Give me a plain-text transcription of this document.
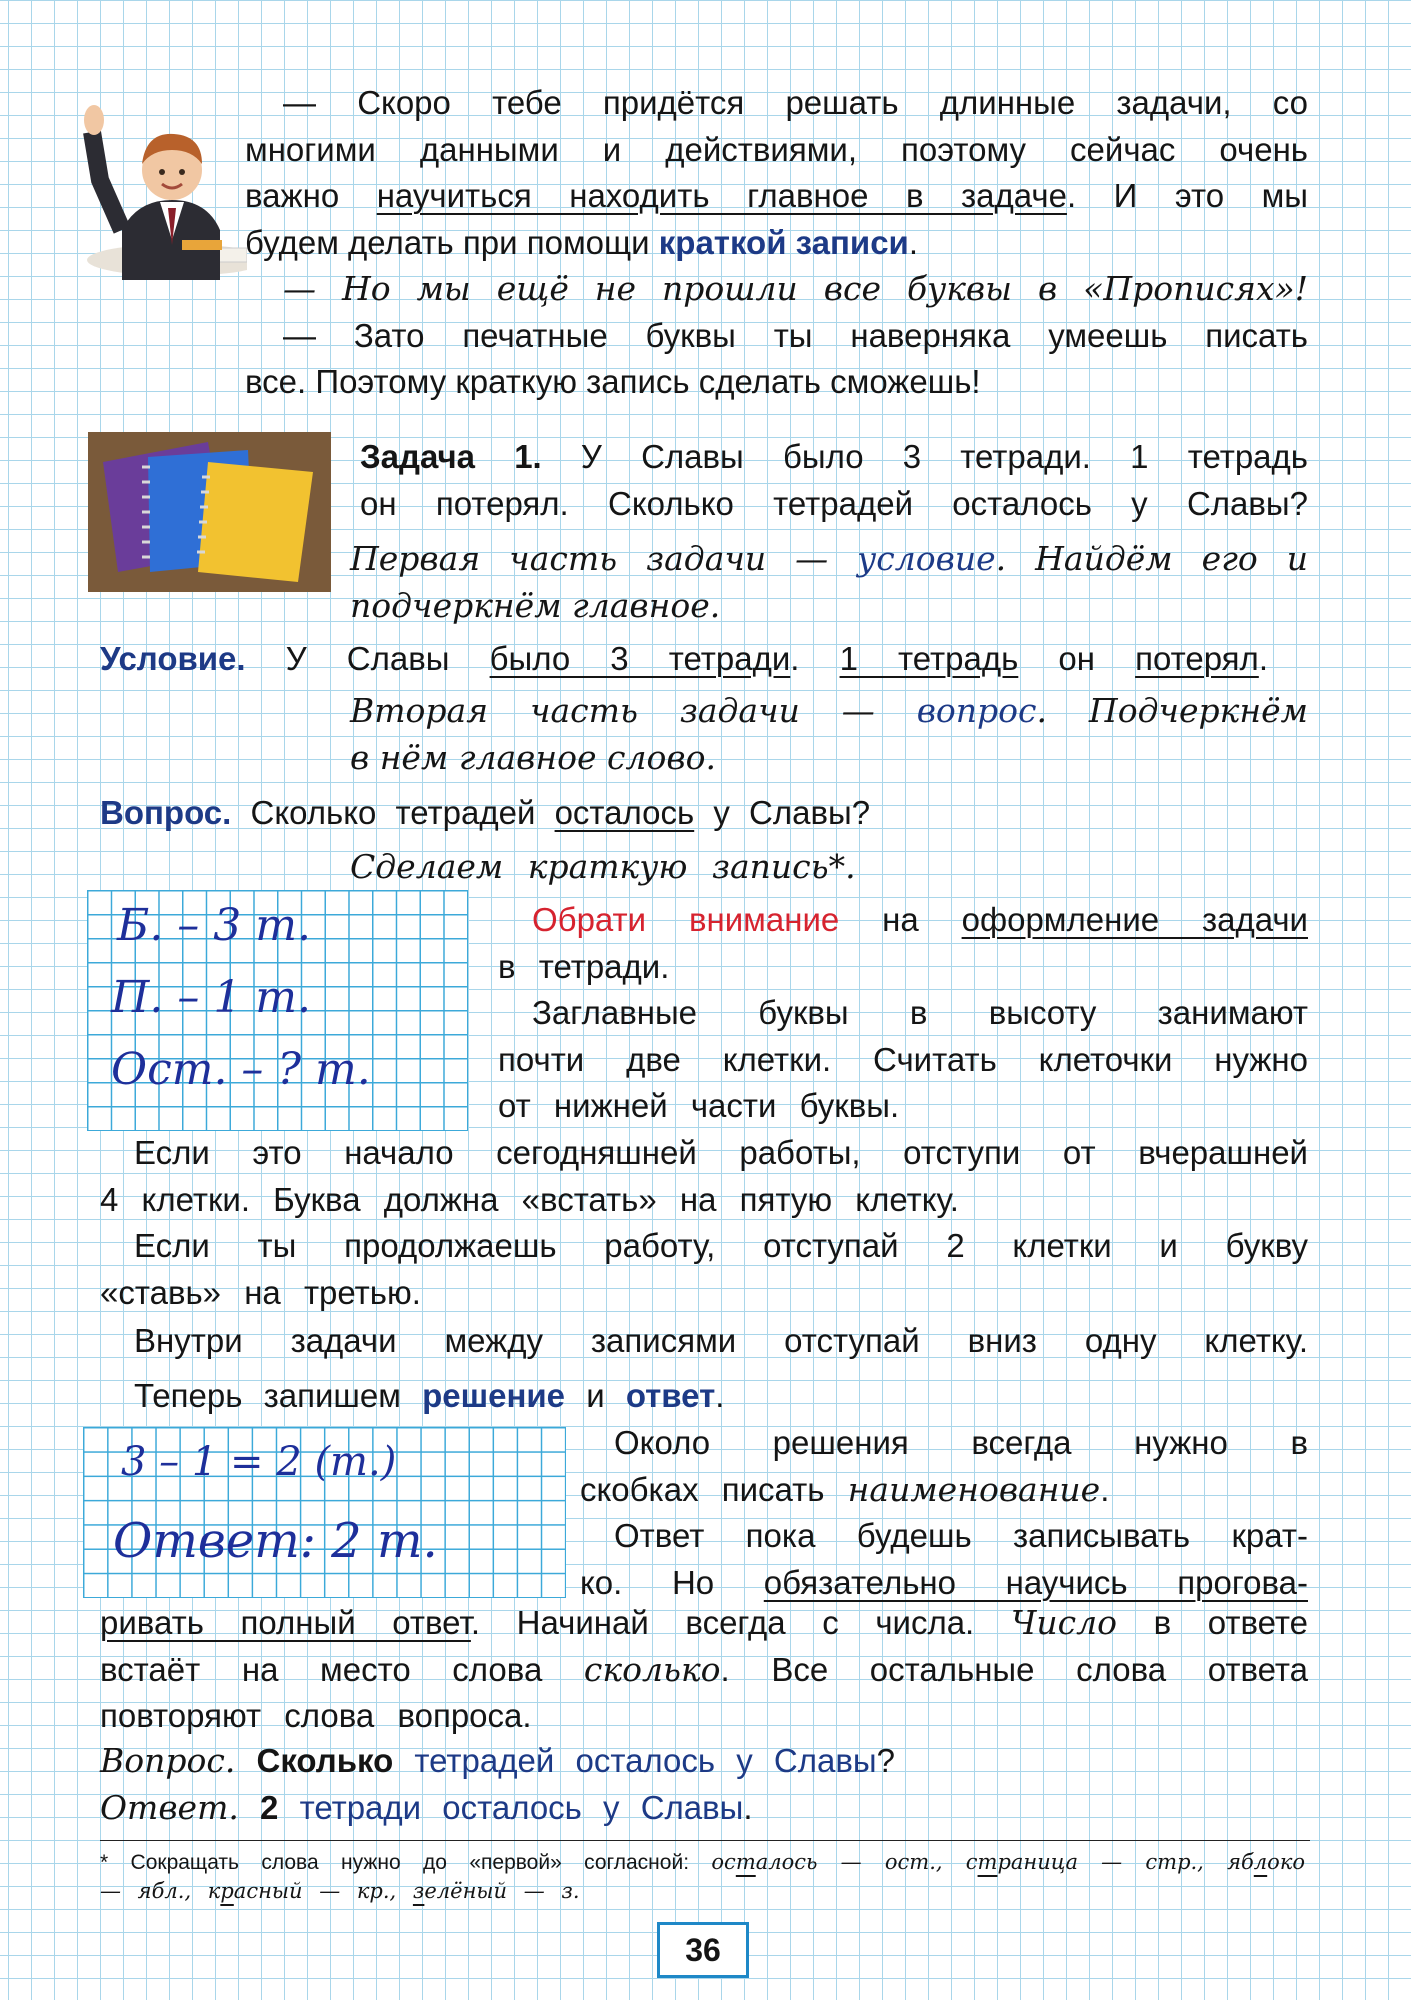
— Скоро тебе придётся решать длинные задачи, со
многими данными и действиями, поэтому сейчас очень
важно научиться находить главное в задаче. И это мы
будем делать при помощи краткой записи.
— Но мы ещё не прошли все буквы в «Прописях»!
— Зато печатные буквы ты наверняка умеешь писать
все. Поэтому краткую запись сделать сможешь!
Задача 1. У Славы было 3 тетради. 1 тетрадь
он потерял. Сколько тетрадей осталось у Славы?
Первая часть задачи — условие. Найдём его и
подчеркнём главное.
Условие. У Славы было 3 тетради. 1 тетрадь он потерял.
Вторая часть задачи — вопрос. Подчеркнём
в нём главное слово.
Вопрос. Сколько тетрадей осталось у Славы?
Сделаем краткую запись*.
Б. – 3 т.
П. – 1 т.
Ост. – ? т.
Обрати внимание на оформление задачи
в тетради.
Заглавные буквы в высоту занимают
почти две клетки. Считать клеточки нужно
от нижней части буквы.
Если это начало сегодняшней работы, отступи от вчерашней
4 клетки. Буква должна «встать» на пятую клетку.
Если ты продолжаешь работу, отступай 2 клетки и букву
«ставь» на третью.
Внутри задачи между записями отступай вниз одну клетку.
Теперь запишем решение и ответ.
3 – 1 = 2 (т.)
Ответ: 2 т.
Около решения всегда нужно в
скобках писать наименование.
Ответ пока будешь записывать крат-
ко. Но обязательно научись прогова-
ривать полный ответ. Начинай всегда с числа. Число в ответе
встаёт на место слова сколько. Все остальные слова ответа
повторяют слова вопроса.
Вопрос. Сколько тетрадей осталось у Славы?
Ответ. 2 тетради осталось у Славы.
* Сокращать слова нужно до «первой» согласной: осталось — ост., страница — стр., яблоко
— ябл., красный — кр., зелёный — з.
36
